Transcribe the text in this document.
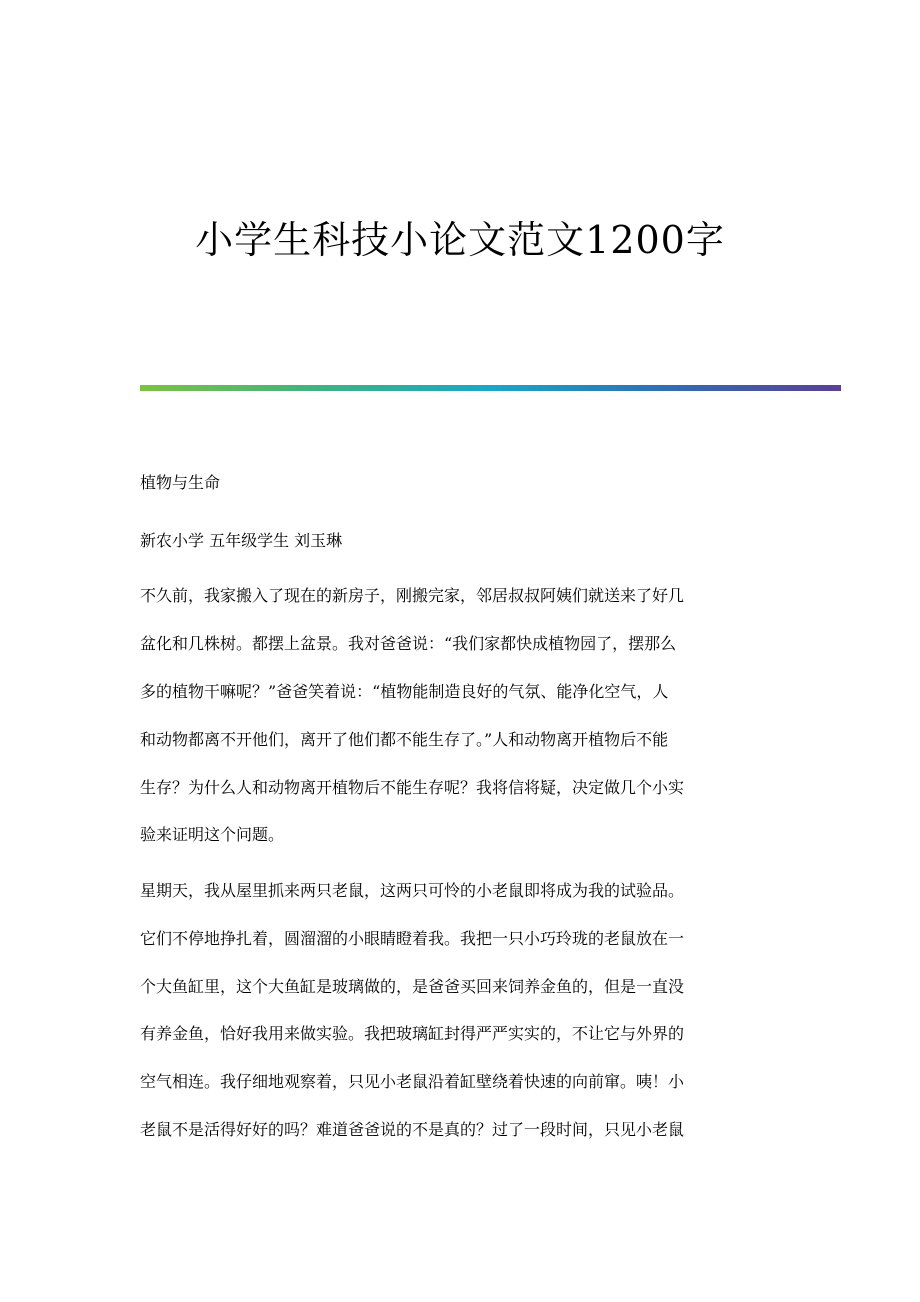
小学生科技小论文范文1200字
植物与生命
新农小学 五年级学生 刘玉琳
不久前，我家搬入了现在的新房子，刚搬完家，邻居叔叔阿姨们就送来了好几
盆化和几株树。都摆上盆景。我对爸爸说：“我们家都快成植物园了，摆那么
多的植物干嘛呢？”爸爸笑着说：“植物能制造良好的气氛、能净化空气，人
和动物都离不开他们，离开了他们都不能生存了。”人和动物离开植物后不能
生存？为什么人和动物离开植物后不能生存呢？我将信将疑，决定做几个小实
验来证明这个问题。
星期天，我从屋里抓来两只老鼠，这两只可怜的小老鼠即将成为我的试验品。
它们不停地挣扎着，圆溜溜的小眼睛瞪着我。我把一只小巧玲珑的老鼠放在一
个大鱼缸里，这个大鱼缸是玻璃做的，是爸爸买回来饲养金鱼的，但是一直没
有养金鱼，恰好我用来做实验。我把玻璃缸封得严严实实的，不让它与外界的
空气相连。我仔细地观察着，只见小老鼠沿着缸壁绕着快速的向前窜。咦！小
老鼠不是活得好好的吗？难道爸爸说的不是真的？过了一段时间，只见小老鼠
